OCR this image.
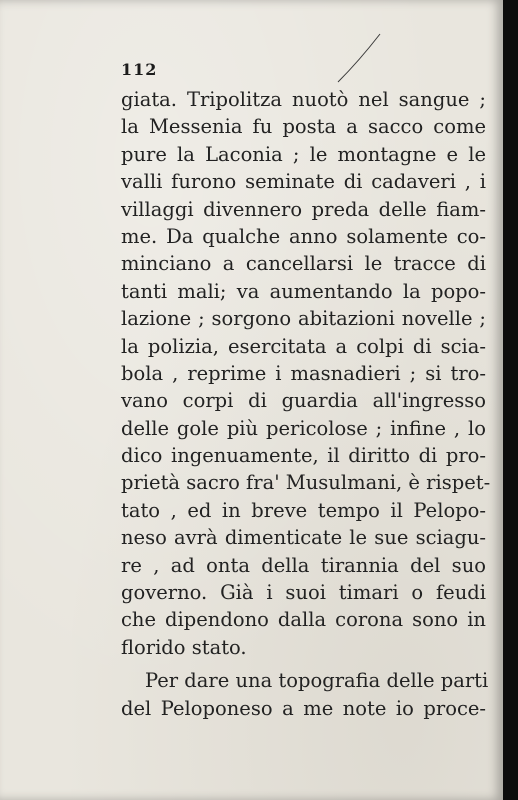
112
giata. Tripolitza nuotò nel sangue ;
la Messenia fu posta a sacco come
pure la Laconia ; le montagne e le
valli furono seminate di cadaveri , i
villaggi divennero preda delle fiam-
me. Da qualche anno solamente co-
minciano a cancellarsi le tracce di
tanti mali; va aumentando la popo-
lazione ; sorgono abitazioni novelle ;
la polizia, esercitata a colpi di scia-
bola , reprime i masnadieri ; si tro-
vano corpi di guardia all'ingresso
delle gole più pericolose ; infine , lo
dico ingenuamente, il diritto di pro-
prietà sacro fra' Musulmani, è rispet-
tato , ed in breve tempo il Pelopo-
neso avrà dimenticate le sue sciagu-
re , ad onta della tirannia del suo
governo. Già i suoi timari o feudi
che dipendono dalla corona sono in
florido stato.
Per dare una topografia delle parti
del Peloponeso a me note io proce-
